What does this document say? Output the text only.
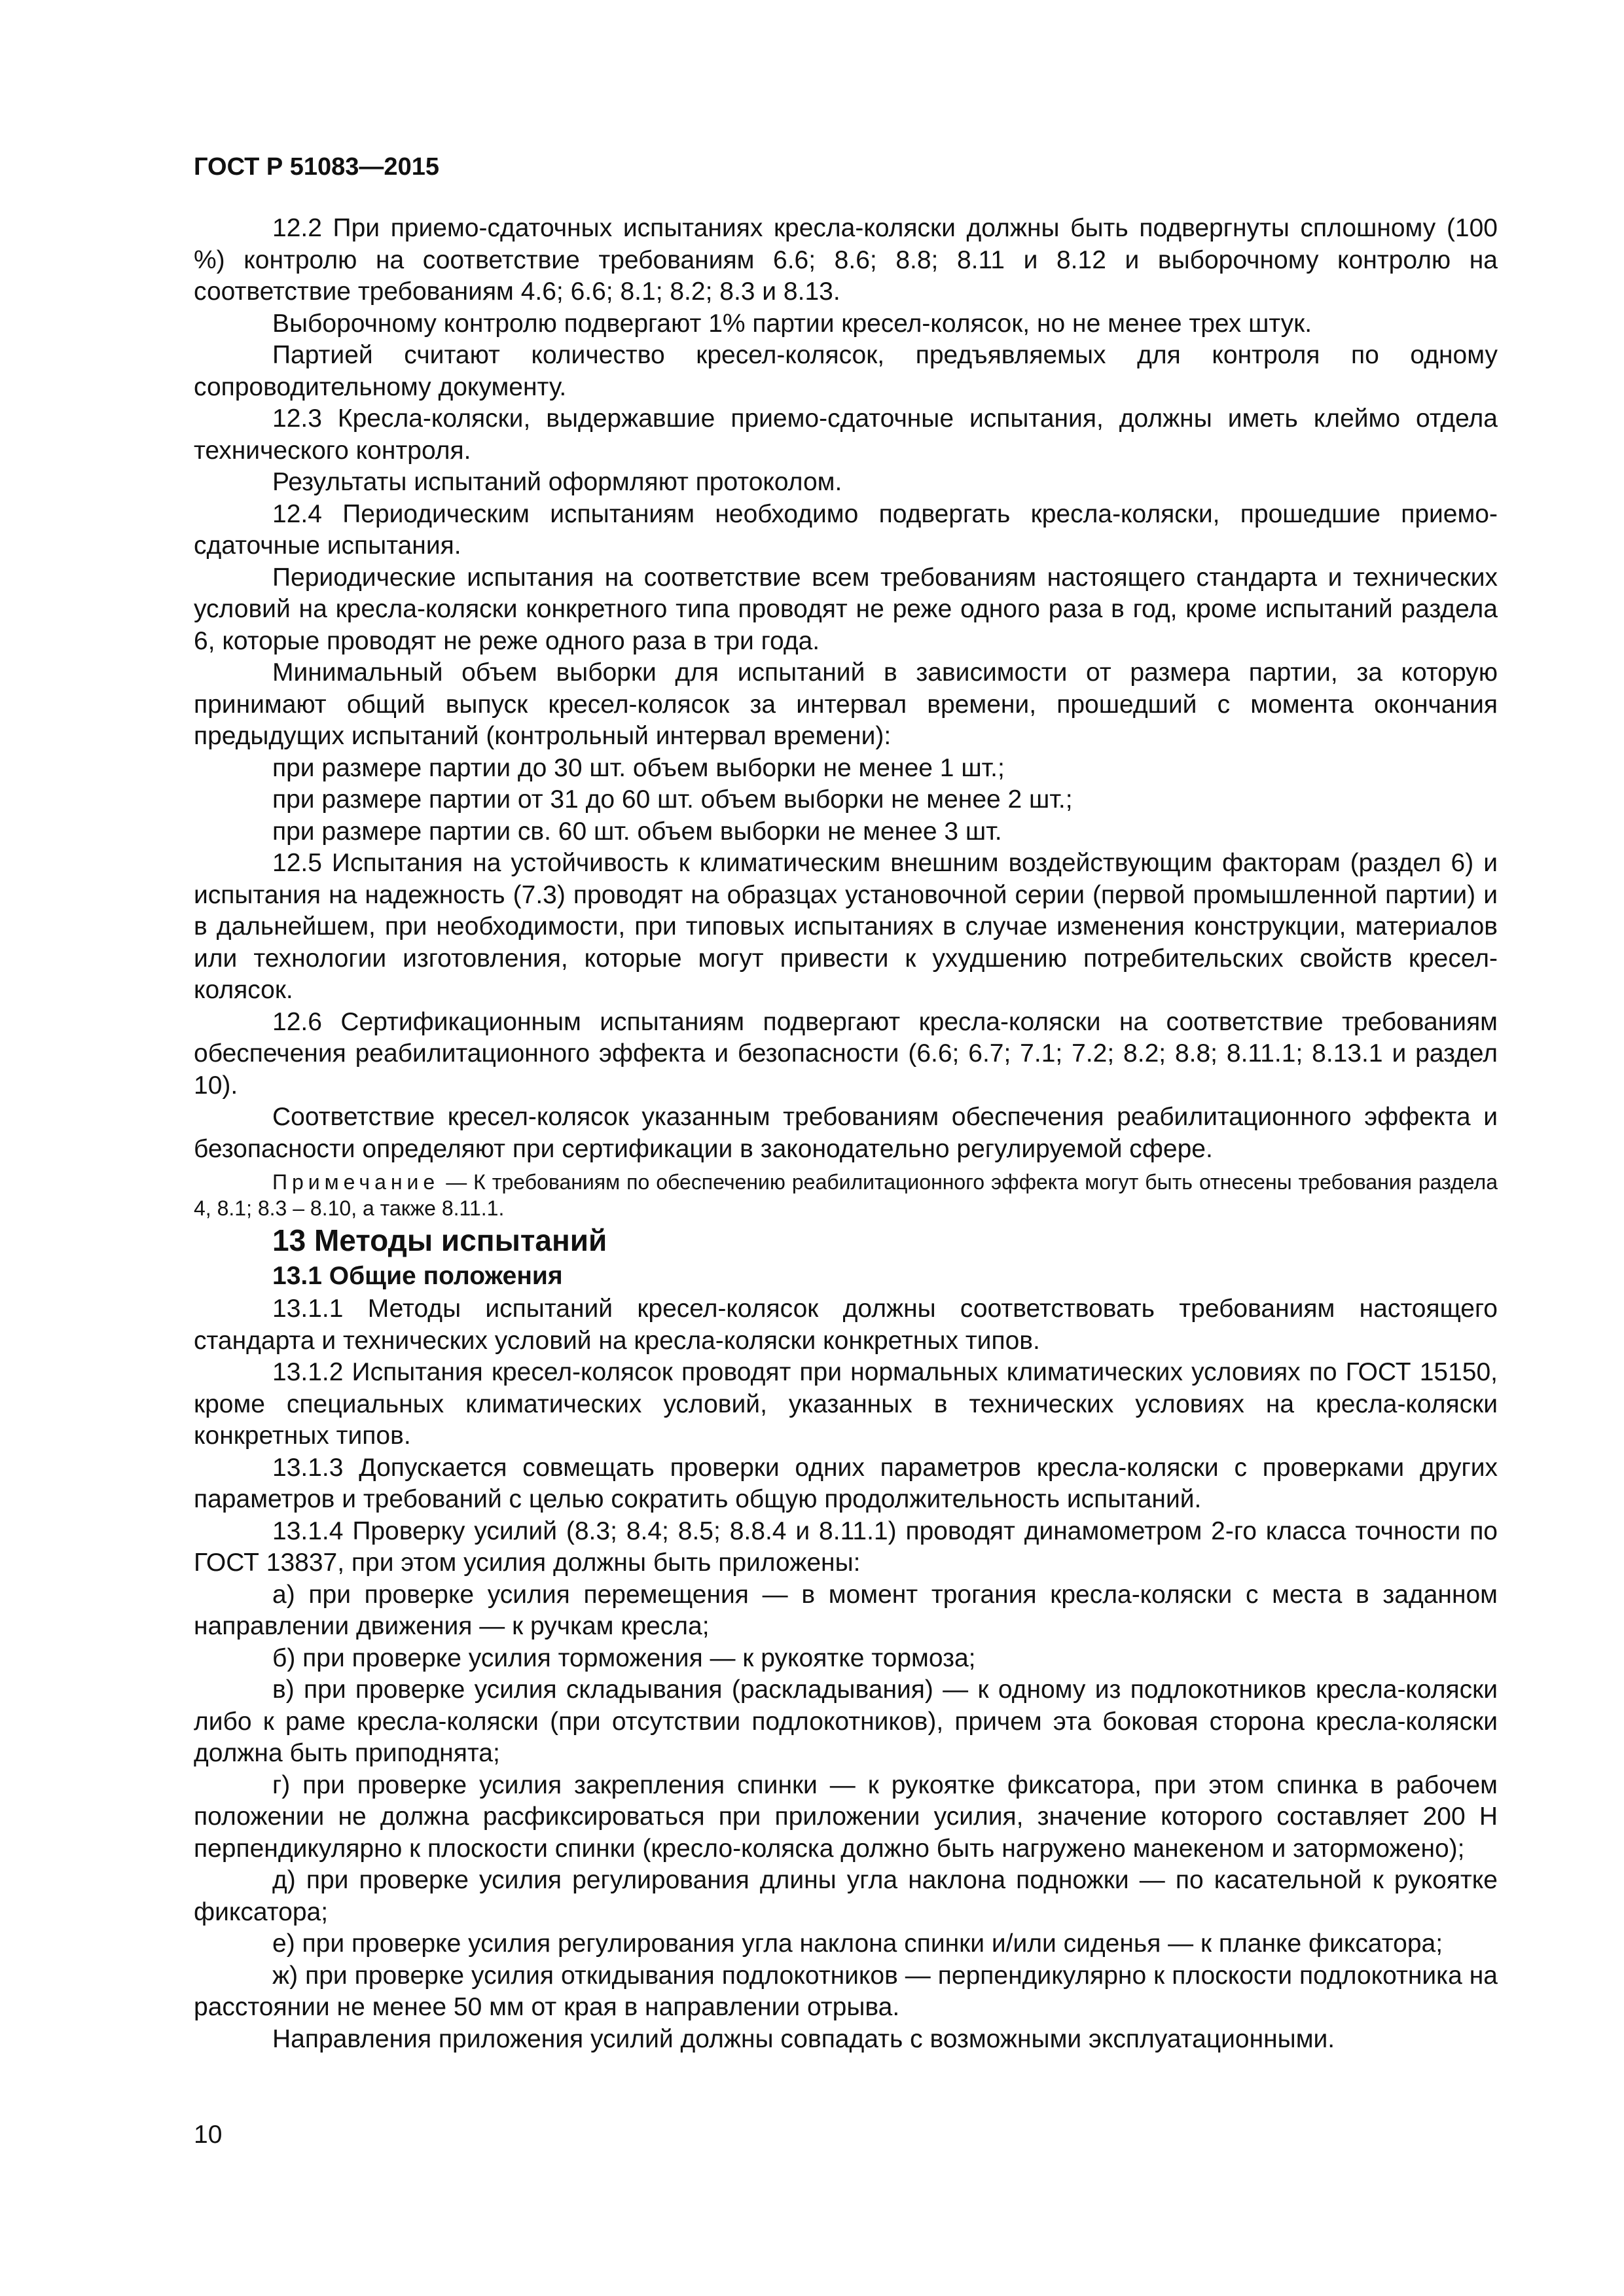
ГОСТ Р 51083—2015

12.2 При приемо-сдаточных испытаниях кресла-коляски должны быть подвергнуты сплошному (100 %) контролю на соответствие требованиям 6.6; 8.6; 8.8; 8.11 и 8.12 и выборочному контролю на соответствие требованиям 4.6; 6.6; 8.1; 8.2; 8.3 и 8.13.

Выборочному контролю подвергают 1% партии кресел-колясок, но не менее трех штук.

Партией считают количество кресел-колясок, предъявляемых для контроля по одному сопроводительному документу.

12.3 Кресла-коляски, выдержавшие приемо-сдаточные испытания, должны иметь клеймо отдела технического контроля.

Результаты испытаний оформляют протоколом.

12.4 Периодическим испытаниям необходимо подвергать кресла-коляски, прошедшие приемо-сдаточные испытания.

Периодические испытания на соответствие всем требованиям настоящего стандарта и технических условий на кресла-коляски конкретного типа проводят не реже одного раза в год, кроме испытаний раздела 6, которые проводят не реже одного раза в три года.

Минимальный объем выборки для испытаний в зависимости от размера партии, за которую принимают общий выпуск кресел-колясок за интервал времени, прошедший с момента окончания предыдущих испытаний (контрольный интервал времени):

при размере партии до 30 шт. объем выборки не менее 1 шт.;

при размере партии от 31 до 60 шт. объем выборки не менее 2 шт.;

при размере партии св. 60 шт. объем выборки не менее 3 шт.

12.5 Испытания на устойчивость к климатическим внешним воздействующим факторам (раздел 6) и испытания на надежность (7.3) проводят на образцах установочной серии (первой промышленной партии) и в дальнейшем, при необходимости, при типовых испытаниях в случае изменения конструкции, материалов или технологии изготовления, которые могут привести к ухудшению потребительских свойств кресел-колясок.

12.6 Сертификационным испытаниям подвергают кресла-коляски на соответствие требованиям обеспечения реабилитационного эффекта и безопасности (6.6; 6.7; 7.1; 7.2; 8.2; 8.8; 8.11.1; 8.13.1 и раздел 10).

Соответствие кресел-колясок указанным требованиям обеспечения реабилитационного эффекта и безопасности определяют при сертификации в законодательно регулируемой сфере.

Примечание — К требованиям по обеспечению реабилитационного эффекта могут быть отнесены требования раздела 4, 8.1; 8.3 – 8.10, а также 8.11.1.

13 Методы испытаний

13.1 Общие положения

13.1.1 Методы испытаний кресел-колясок должны соответствовать требованиям настоящего стандарта и технических условий на кресла-коляски конкретных типов.

13.1.2 Испытания кресел-колясок проводят при нормальных климатических условиях по ГОСТ 15150, кроме специальных климатических условий, указанных в технических условиях на кресла-коляски конкретных типов.

13.1.3 Допускается совмещать проверки одних параметров кресла-коляски с проверками других параметров и требований с целью сократить общую продолжительность испытаний.

13.1.4 Проверку усилий (8.3; 8.4; 8.5; 8.8.4 и 8.11.1) проводят динамометром 2-го класса точности по ГОСТ 13837, при этом усилия должны быть приложены:

а) при проверке усилия перемещения — в момент трогания кресла-коляски с места в заданном направлении движения — к ручкам кресла;

б) при проверке усилия торможения — к рукоятке тормоза;

в) при проверке усилия складывания (раскладывания) — к одному из подлокотников кресла-коляски либо к раме кресла-коляски (при отсутствии подлокотников), причем эта боковая сторона кресла-коляски должна быть приподнята;

г) при проверке усилия закрепления спинки — к рукоятке фиксатора, при этом спинка в рабочем положении не должна расфиксироваться при приложении усилия, значение которого составляет 200 Н перпендикулярно к плоскости спинки (кресло-коляска должно быть нагружено манекеном и заторможено);

д) при проверке усилия регулирования длины угла наклона подножки — по касательной к рукоятке фиксатора;

е) при проверке усилия регулирования угла наклона спинки и/или сиденья — к планке фиксатора;

ж) при проверке усилия откидывания подлокотников — перпендикулярно к плоскости подлокотника на расстоянии не менее 50 мм от края в направлении отрыва.

Направления приложения усилий должны совпадать с возможными эксплуатационными.

10
